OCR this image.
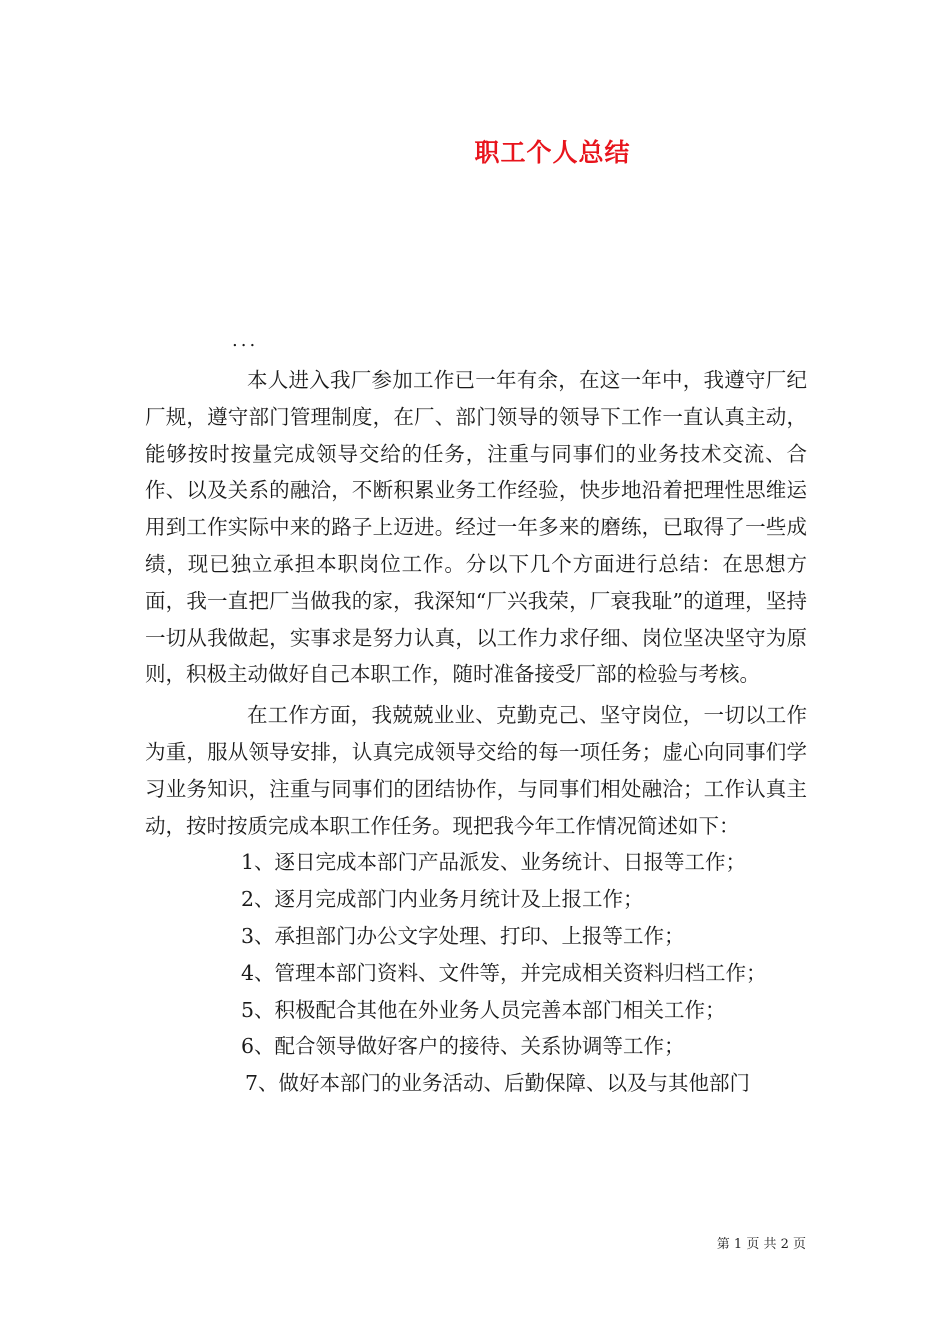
职工个人总结

...

本人进入我厂参加工作已一年有余，在这一年中，我遵守厂纪厂规，遵守部门管理制度，在厂、部门领导的领导下工作一直认真主动，能够按时按量完成领导交给的任务，注重与同事们的业务技术交流、合作、以及关系的融洽，不断积累业务工作经验，快步地沿着把理性思维运用到工作实际中来的路子上迈进。经过一年多来的磨练，已取得了一些成绩，现已独立承担本职岗位工作。分以下几个方面进行总结：在思想方面，我一直把厂当做我的家，我深知“厂兴我荣，厂衰我耻”的道理，坚持一切从我做起，实事求是努力认真，以工作力求仔细、岗位坚决坚守为原则，积极主动做好自己本职工作，随时准备接受厂部的检验与考核。

在工作方面，我兢兢业业、克勤克己、坚守岗位，一切以工作为重，服从领导安排，认真完成领导交给的每一项任务；虚心向同事们学习业务知识，注重与同事们的团结协作，与同事们相处融洽；工作认真主动，按时按质完成本职工作任务。现把我今年工作情况简述如下：

1、逐日完成本部门产品派发、业务统计、日报等工作；

2、逐月完成部门内业务月统计及上报工作；

3、承担部门办公文字处理、打印、上报等工作；

4、管理本部门资料、文件等，并完成相关资料归档工作；

5、积极配合其他在外业务人员完善本部门相关工作；

6、配合领导做好客户的接待、关系协调等工作；

7、做好本部门的业务活动、后勤保障、以及与其他部门

第 1 页 共 2 页
